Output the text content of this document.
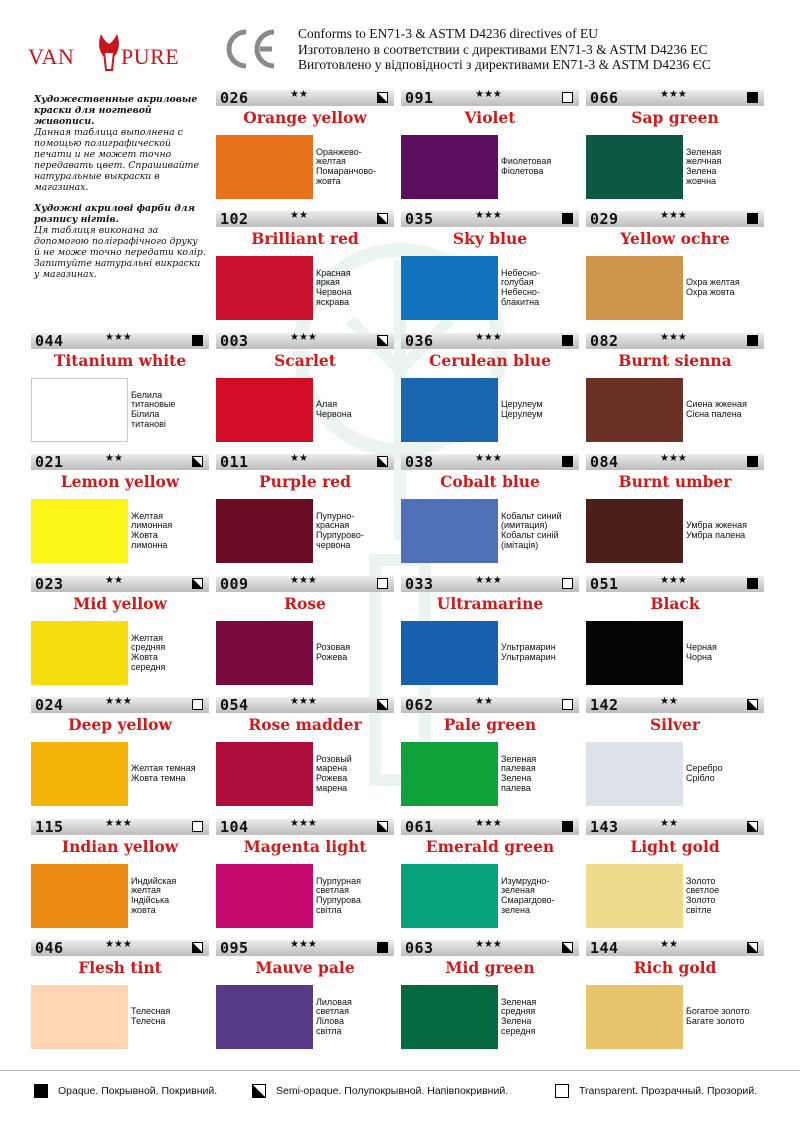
VAN PURE
Conforms to EN71-3 & ASTM D4236 directives of EU
Изготовлено в соответствии с директивами EN71-3 & ASTM D4236 ЕС
Виготовлено у відповідності з директивами EN71-3 & ASTM D4236 ЄС

Художественные акриловые краски для ногтевой живописи.
Данная таблица выполнена с помощью полиграфической печати и не может точно передавать цвет. Спрашивайте натуральные выкраски в магазинах.

Художні акрилові фарби для розпису нігтів.
Ця таблиця виконана за допомогою поліграфічного друку й не може точно передати колір. Запитуйте натуральні викраски у магазинах.

026	★★
Orange yellow
Оранжево-
желтая
Помаранчово-
жовта
091	★★★
Violet
Фиолетовая
Фіолетова
066	★★★
Sap green
Зеленая
желчная
Зелена
жовчна
102	★★
Brilliant red
Красная
яркая
Червона
яскрава
035	★★★
Sky blue
Небесно-
голубая
Небесно-
блакитна
029	★★★
Yellow ochre
Охра желтая
Охра жовта
044	★★★
Titanium white
Белила
титановые
Білила
титанові
003	★★★
Scarlet
Алая
Червона
036	★★★
Cerulean blue
Церулеум
Церулеум
082	★★★
Burnt sienna
Сиена жженая
Сієна палена
021	★★
Lemon yellow
Желтая
лимонная
Жовта
лимонна
011	★★
Purple red
Пупурно-
красная
Пурпурово-
червона
038	★★★
Cobalt blue
Кобальт синий
(имитация)
Кобальт синій
(імітація)
084	★★★
Burnt umber
Умбра жженая
Умбра палена
023	★★
Mid yellow
Желтая
средняя
Жовта
середня
009	★★★
Rose
Розовая
Рожева
033	★★★
Ultramarine
Ультрамарин
Ультрамарин
051	★★★
Black
Черная
Чорна
024	★★★
Deep yellow
Желтая темная
Жовта темна
054	★★★
Rose madder
Розовый
марена
Рожева
марена
062	★★
Pale green
Зеленая
палевая
Зелена
палева
142	★★
Silver
Серебро
Срібло
115	★★★
Indian yellow
Индийская
желтая
Індійська
жовта
104	★★★
Magenta light
Пурпурная
светлая
Пурпурова
світла
061	★★★
Emerald green
Изумрудно-
зеленая
Смарагдово-
зелена
143	★★
Light gold
Золото
светлое
Золото
світле
046	★★★
Flesh tint
Телесная
Телесна
095	★★★
Mauve pale
Лиловая
светлая
Лілова
світла
063	★★★
Mid green
Зеленая
средняя
Зелена
середня
144	★★
Rich gold
Богатое золото
Багате золото
Opaque. Покрывной. Покривний.	Semi-opaque. Полупокрывной. Напівпокривний.	Transparent. Прозрачный. Прозорий.
